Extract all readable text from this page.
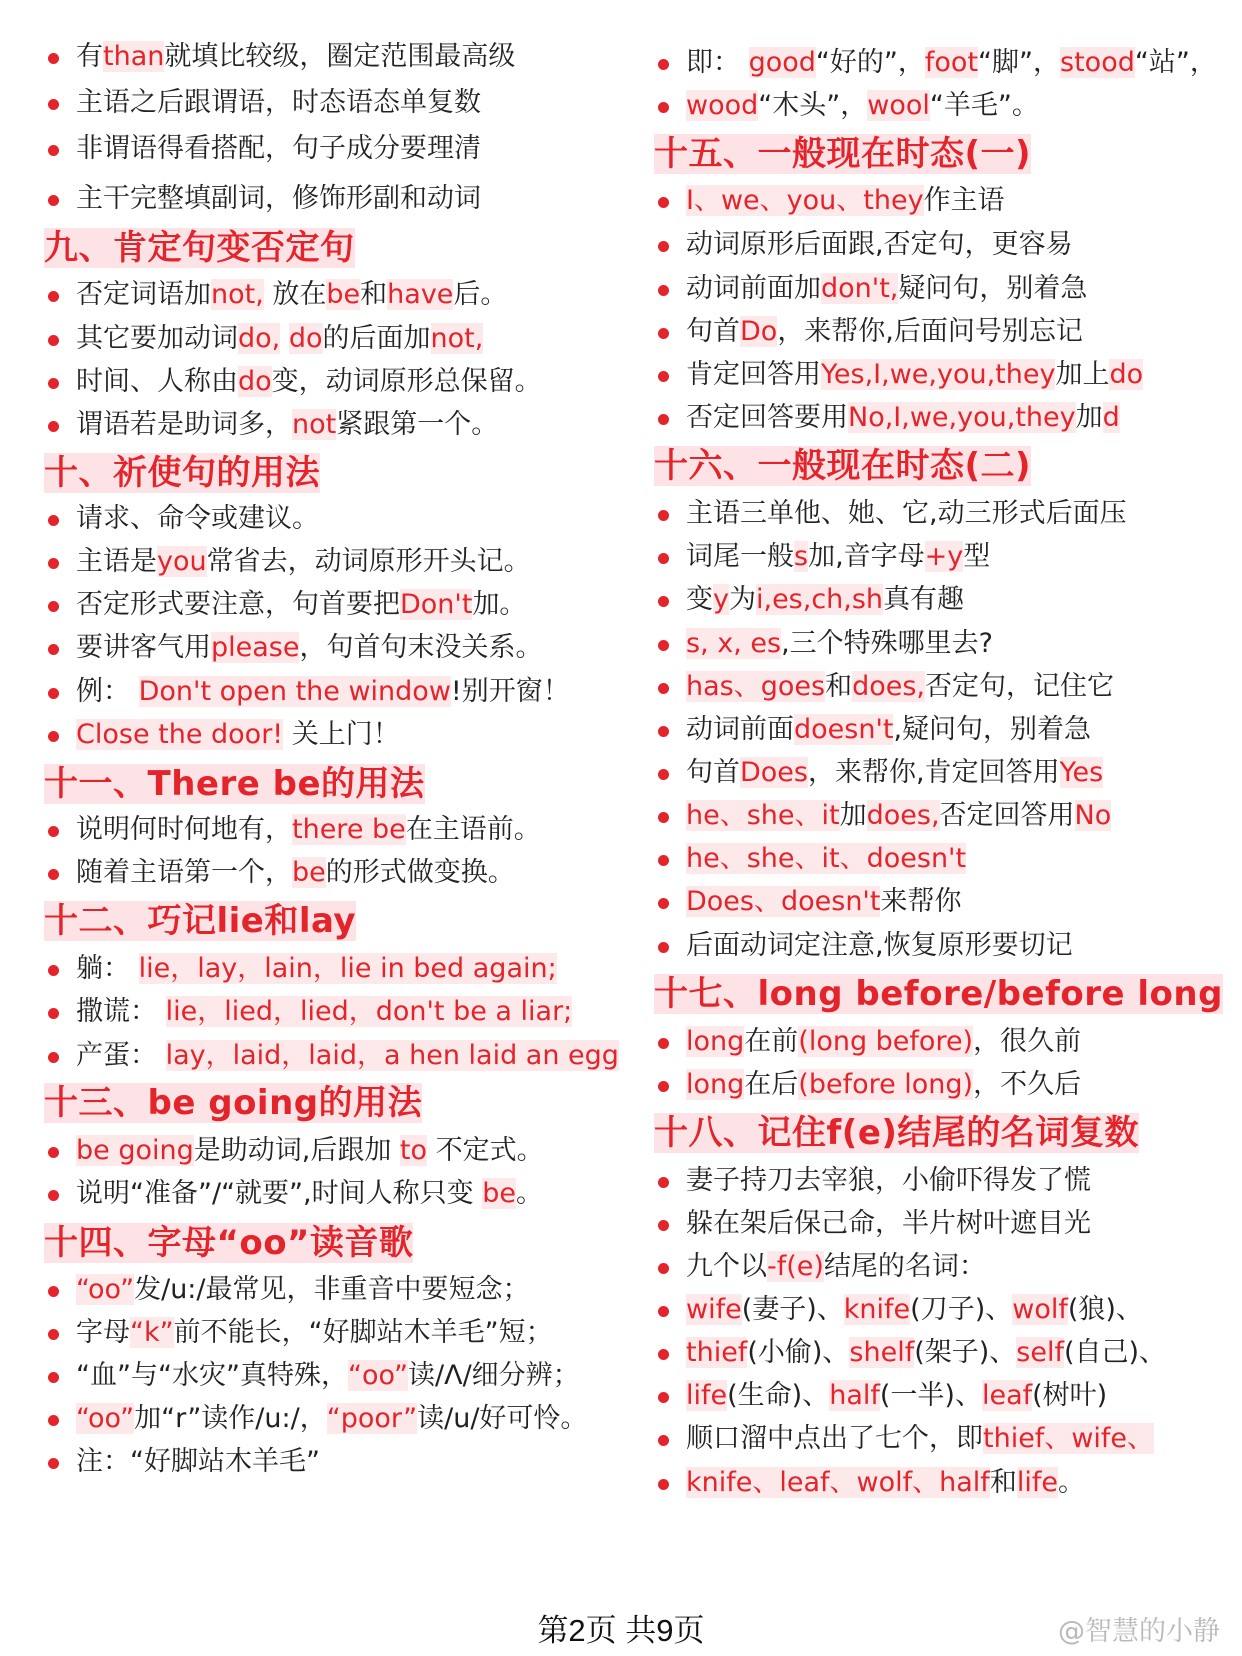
有than就填比较级，圈定范围最高级
主语之后跟谓语，时态语态单复数
非谓语得看搭配，句子成分要理清
主干完整填副词，修饰形副和动词
九、肯定句变否定句
否定词语加not, 放在be和have后。
其它要加动词do, do的后面加not,
时间、人称由do变，动词原形总保留。
谓语若是助词多，not紧跟第一个。
十、祈使句的用法
请求、命令或建议。
主语是you常省去，动词原形开头记。
否定形式要注意，句首要把Don't加。
要讲客气用please，句首句末没关系。
例： Don't open the window!别开窗！
Close the door! 关上门！
十一、There be的用法
说明何时何地有，there be在主语前。
随着主语第一个，be的形式做变换。
十二、巧记lie和lay
躺： lie，lay，lain，lie in bed again;
撒谎： lie，lied，lied，don't be a liar;
产蛋： lay，laid，laid，a hen laid an egg
十三、be going的用法
be going是助动词,后跟加 to 不定式。
说明“准备”/“就要”,时间人称只变 be。
十四、字母“oo”读音歌
“oo”发/u:/最常见，非重音中要短念；
字母“k”前不能长，“好脚站木羊毛”短；
“血”与“水灾”真特殊，“oo”读/Λ/细分辨；
“oo”加“r”读作/u:/，“poor”读/u/好可怜。
注：“好脚站木羊毛”
即： good“好的”，foot“脚”，stood“站”，
wood“木头”，wool“羊毛”。
十五、一般现在时态(一)
I、we、you、they作主语
动词原形后面跟,否定句，更容易
动词前面加don't,疑问句，别着急
句首Do，来帮你,后面问号别忘记
肯定回答用Yes,I,we,you,they加上do
否定回答要用No,I,we,you,they加d
十六、一般现在时态(二)
主语三单他、她、它,动三形式后面压
词尾一般s加,音字母+y型
变y为i,es,ch,sh真有趣
s, x, es,三个特殊哪里去?
has、goes和does,否定句，记住它
动词前面doesn't,疑问句，别着急
句首Does，来帮你,肯定回答用Yes
he、she、it加does,否定回答用No
he、she、it、doesn't
Does、doesn't来帮你
后面动词定注意,恢复原形要切记
十七、long before/before long
long在前(long before)，很久前
long在后(before long)，不久后
十八、记住f(e)结尾的名词复数
妻子持刀去宰狼，小偷吓得发了慌
躲在架后保己命，半片树叶遮目光
九个以-f(e)结尾的名词：
wife(妻子)、knife(刀子)、wolf(狼)、
thief(小偷)、shelf(架子)、self(自己)、
life(生命)、half(一半)、leaf(树叶)
顺口溜中点出了七个，即thief、wife、
knife、leaf、wolf、half和life。
第2页 共9页	@智慧的小静
